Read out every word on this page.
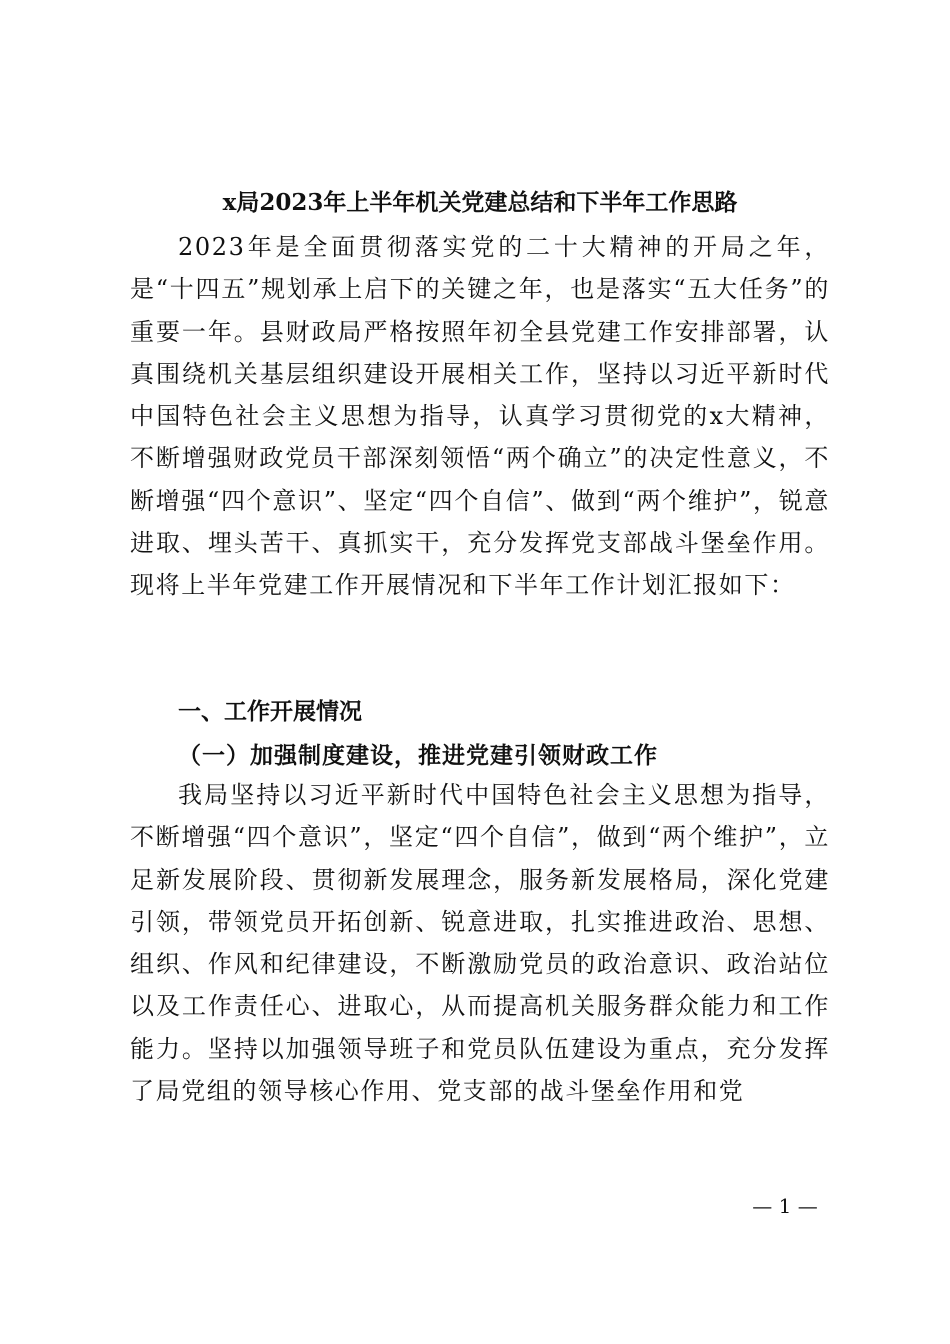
x局2023年上半年机关党建总结和下半年工作思路

2023年是全面贯彻落实党的二十大精神的开局之年，是“十四五”规划承上启下的关键之年，也是落实“五大任务”的重要一年。县财政局严格按照年初全县党建工作安排部署，认真围绕机关基层组织建设开展相关工作，坚持以习近平新时代中国特色社会主义思想为指导，认真学习贯彻党的x大精神，不断增强财政党员干部深刻领悟“两个确立”的决定性意义，不断增强“四个意识”、坚定“四个自信”、做到“两个维护”，锐意进取、埋头苦干、真抓实干，充分发挥党支部战斗堡垒作用。现将上半年党建工作开展情况和下半年工作计划汇报如下：

一、工作开展情况
（一）加强制度建设，推进党建引领财政工作

我局坚持以习近平新时代中国特色社会主义思想为指导，不断增强“四个意识”，坚定“四个自信”，做到“两个维护”，立足新发展阶段、贯彻新发展理念，服务新发展格局，深化党建引领，带领党员开拓创新、锐意进取，扎实推进政治、思想、组织、作风和纪律建设，不断激励党员的政治意识、政治站位以及工作责任心、进取心，从而提高机关服务群众能力和工作能力。坚持以加强领导班子和党员队伍建设为重点，充分发挥了局党组的领导核心作用、党支部的战斗堡垒作用和党

— 1 —
